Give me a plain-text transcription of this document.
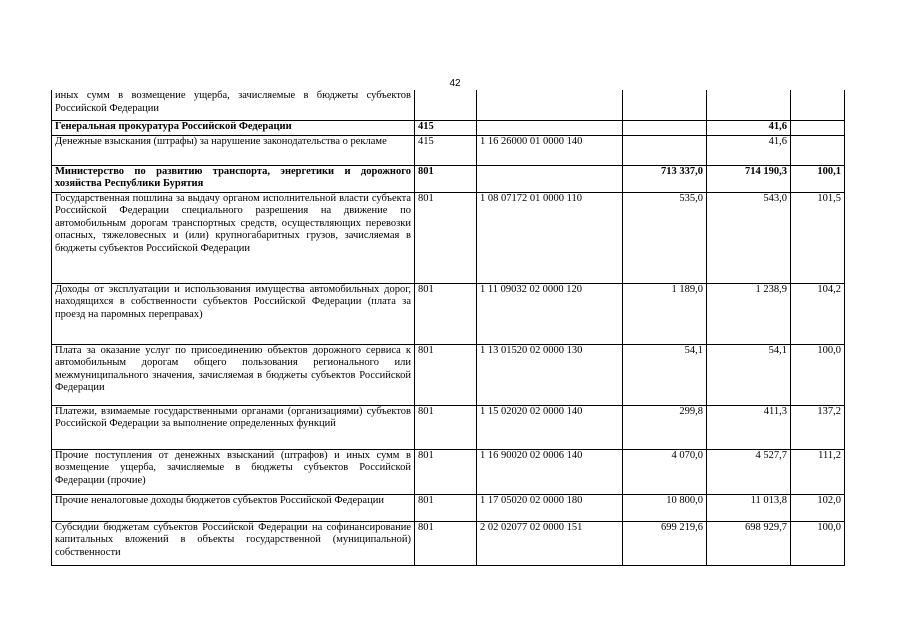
42
иных сумм в возмещение ущерба, зачисляемые в бюджеты субъектов Российской Федерации					
Генеральная прокуратура Российской Федерации	415			41,6	
Денежные взыскания (штрафы) за нарушение законодательства о рекламе	415	1 16 26000 01 0000 140		41,6	
Министерство по развитию транспорта, энергетики и дорожного хозяйства Республики Бурятия	801		713 337,0	714 190,3	100,1
Государственная пошлина за выдачу органом исполнительной власти субъекта Российской Федерации специального разрешения на движение по автомобильным дорогам транспортных средств, осуществляющих перевозки опасных, тяжеловесных и (или) крупногабаритных грузов, зачисляемая в бюджеты субъектов Российской Федерации	801	1 08 07172 01 0000 110	535,0	543,0	101,5
Доходы от эксплуатации и использования имущества автомобильных дорог, находящихся в собственности субъектов Российской Федерации (плата за проезд на паромных переправах)	801	1 11 09032 02 0000 120	1 189,0	1 238,9	104,2
Плата за оказание услуг по присоединению объектов дорожного сервиса к автомобильным дорогам общего пользования регионального или межмуниципального значения, зачисляемая в бюджеты субъектов Российской Федерации	801	1 13 01520 02 0000 130	54,1	54,1	100,0
Платежи, взимаемые государственными органами (организациями) субъектов Российской Федерации за выполнение определенных функций	801	1 15 02020 02 0000 140	299,8	411,3	137,2
Прочие поступления от денежных взысканий (штрафов) и иных сумм в возмещение ущерба, зачисляемые в бюджеты субъектов Российской Федерации (прочие)	801	1 16 90020 02 0006 140	4 070,0	4 527,7	111,2
Прочие неналоговые доходы бюджетов субъектов Российской Федерации	801	1 17 05020 02 0000 180	10 800,0	11 013,8	102,0
Субсидии бюджетам субъектов Российской Федерации на софинансирование капитальных вложений в объекты государственной (муниципальной) собственности	801	2 02 02077 02 0000 151	699 219,6	698 929,7	100,0
